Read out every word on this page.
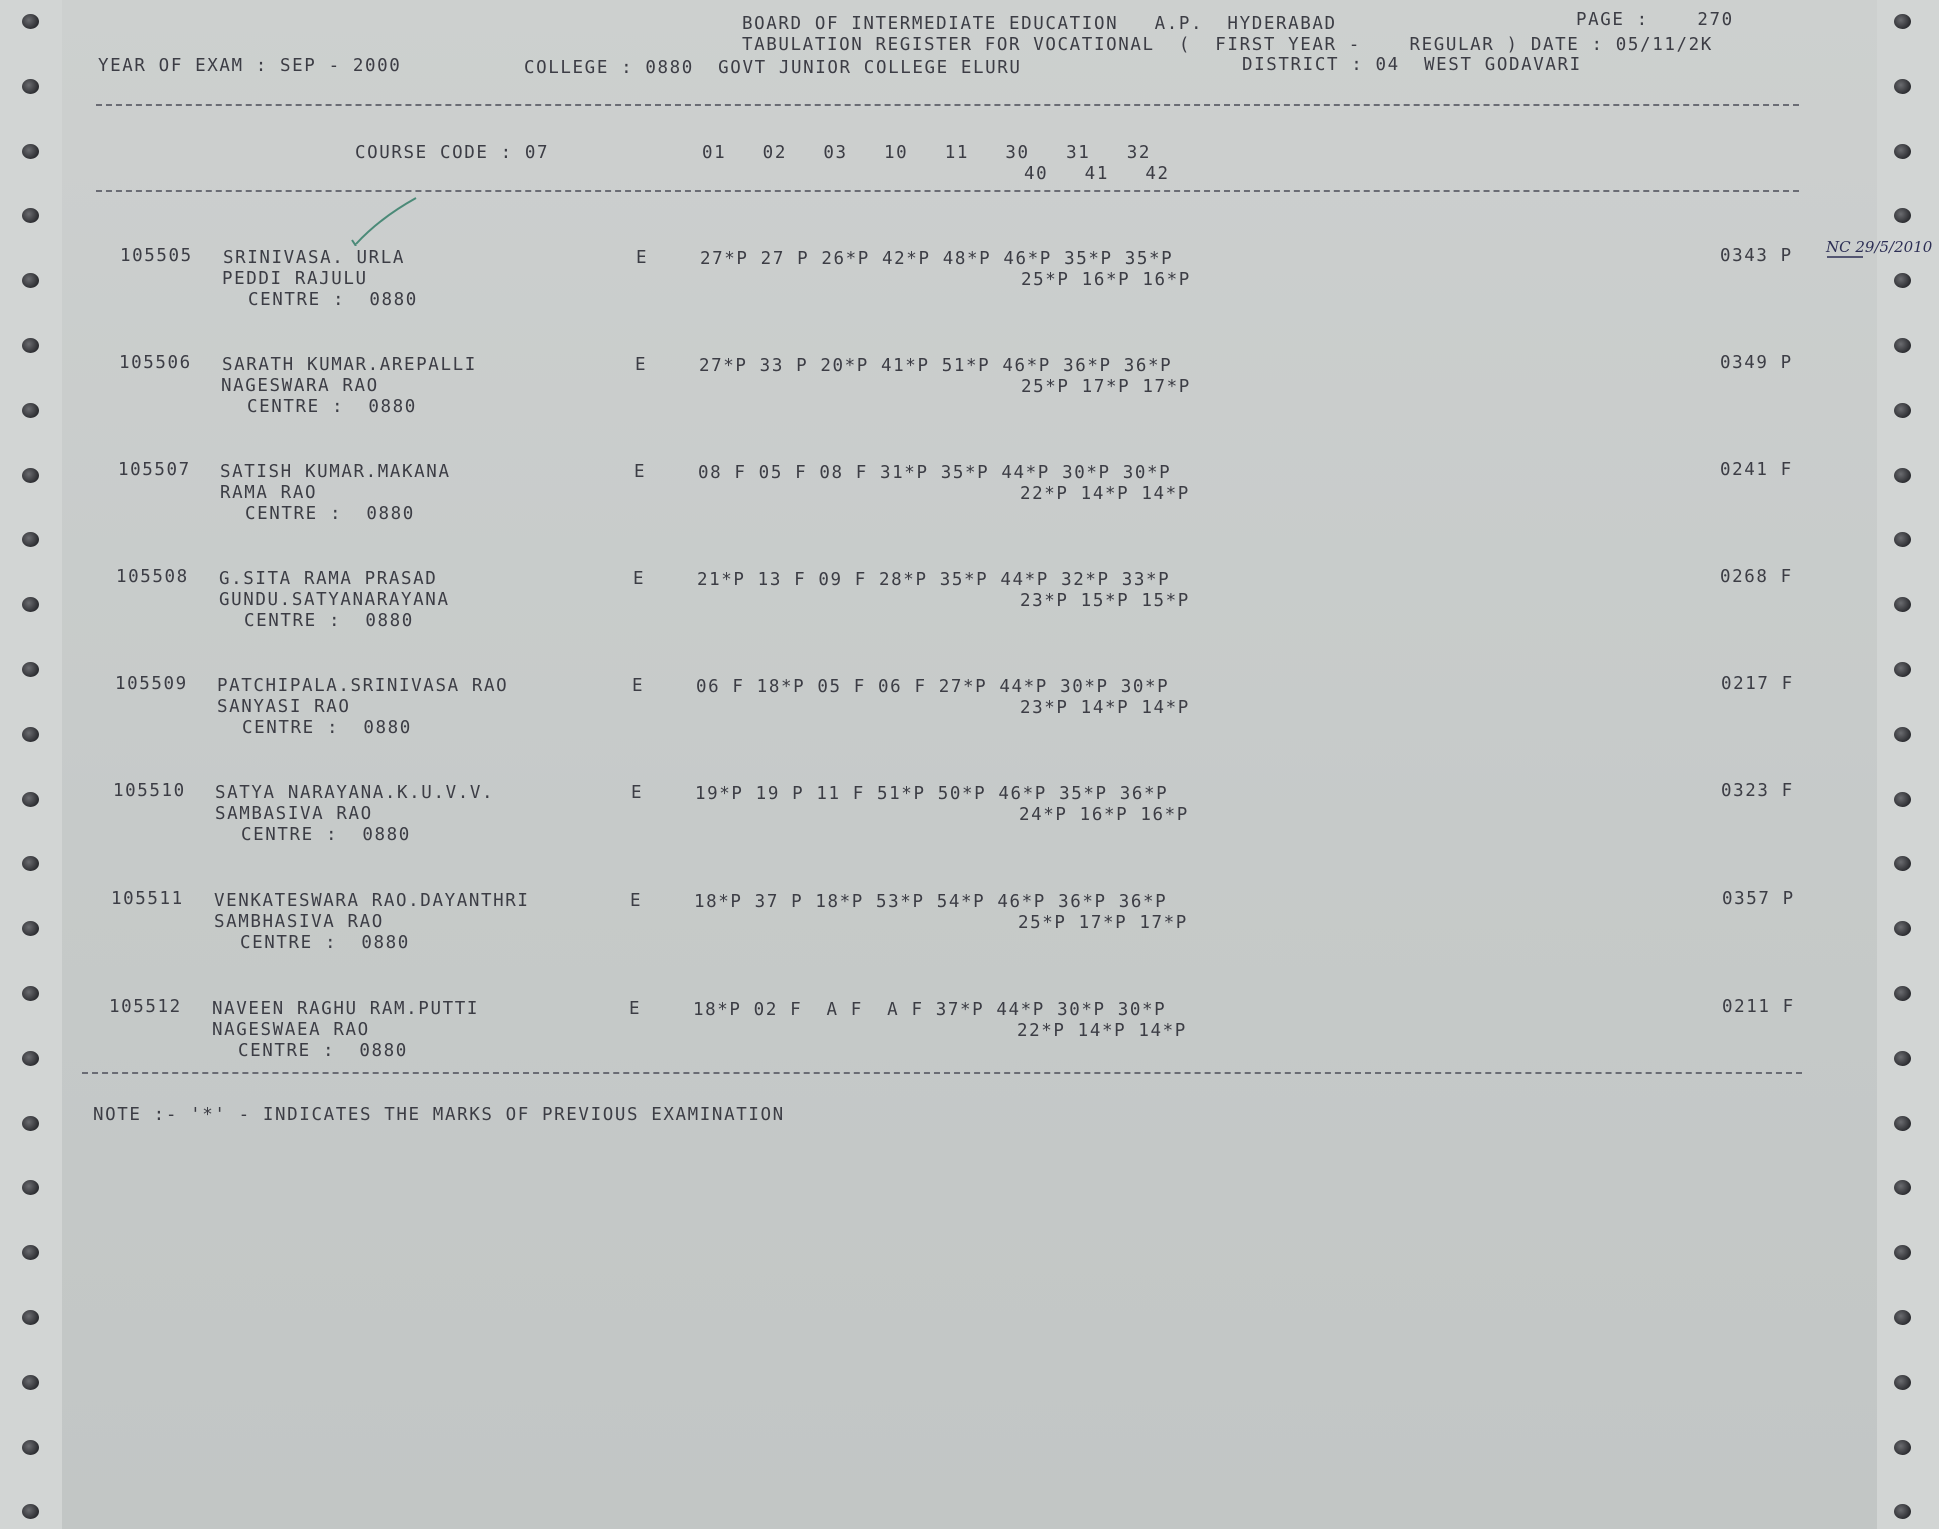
BOARD OF INTERMEDIATE EDUCATION   A.P.  HYDERABAD	PAGE :    270
TABULATION REGISTER FOR VOCATIONAL  (  FIRST YEAR -    REGULAR ) DATE : 05/11/2K
YEAR OF EXAM : SEP - 2000	COLLEGE : 0880  GOVT JUNIOR COLLEGE ELURU	DISTRICT : 04  WEST GODAVARI
COURSE CODE : 07	01   02   03   10   11   30   31   32
40   41   42
105505 SRINIVASA. URLA
PEDDI RAJULU
CENTRE :  0880
E	27*P 27 P 26*P 42*P 48*P 46*P 35*P 35*P
25*P 16*P 16*P
0343 P
105506 SARATH KUMAR.AREPALLI
NAGESWARA RAO
CENTRE :  0880
E	27*P 33 P 20*P 41*P 51*P 46*P 36*P 36*P
25*P 17*P 17*P
0349 P
105507 SATISH KUMAR.MAKANA
RAMA RAO
CENTRE :  0880
E	08 F 05 F 08 F 31*P 35*P 44*P 30*P 30*P
22*P 14*P 14*P
0241 F
105508 G.SITA RAMA PRASAD
GUNDU.SATYANARAYANA
CENTRE :  0880
E	21*P 13 F 09 F 28*P 35*P 44*P 32*P 33*P
23*P 15*P 15*P
0268 F
105509 PATCHIPALA.SRINIVASA RAO
SANYASI RAO
CENTRE :  0880
E	06 F 18*P 05 F 06 F 27*P 44*P 30*P 30*P
23*P 14*P 14*P
0217 F
105510 SATYA NARAYANA.K.U.V.V.
SAMBASIVA RAO
CENTRE :  0880
E	19*P 19 P 11 F 51*P 50*P 46*P 35*P 36*P
24*P 16*P 16*P
0323 F
105511 VENKATESWARA RAO.DAYANTHRI
SAMBHASIVA RAO
CENTRE :  0880
E	18*P 37 P 18*P 53*P 54*P 46*P 36*P 36*P
25*P 17*P 17*P
0357 P
105512 NAVEEN RAGHU RAM.PUTTI
NAGESWAEA RAO
CENTRE :  0880
E	18*P 02 F  A F  A F 37*P 44*P 30*P 30*P
22*P 14*P 14*P
0211 F
NOTE :- '*' - INDICATES THE MARKS OF PREVIOUS EXAMINATION
NC 29/5/2010
